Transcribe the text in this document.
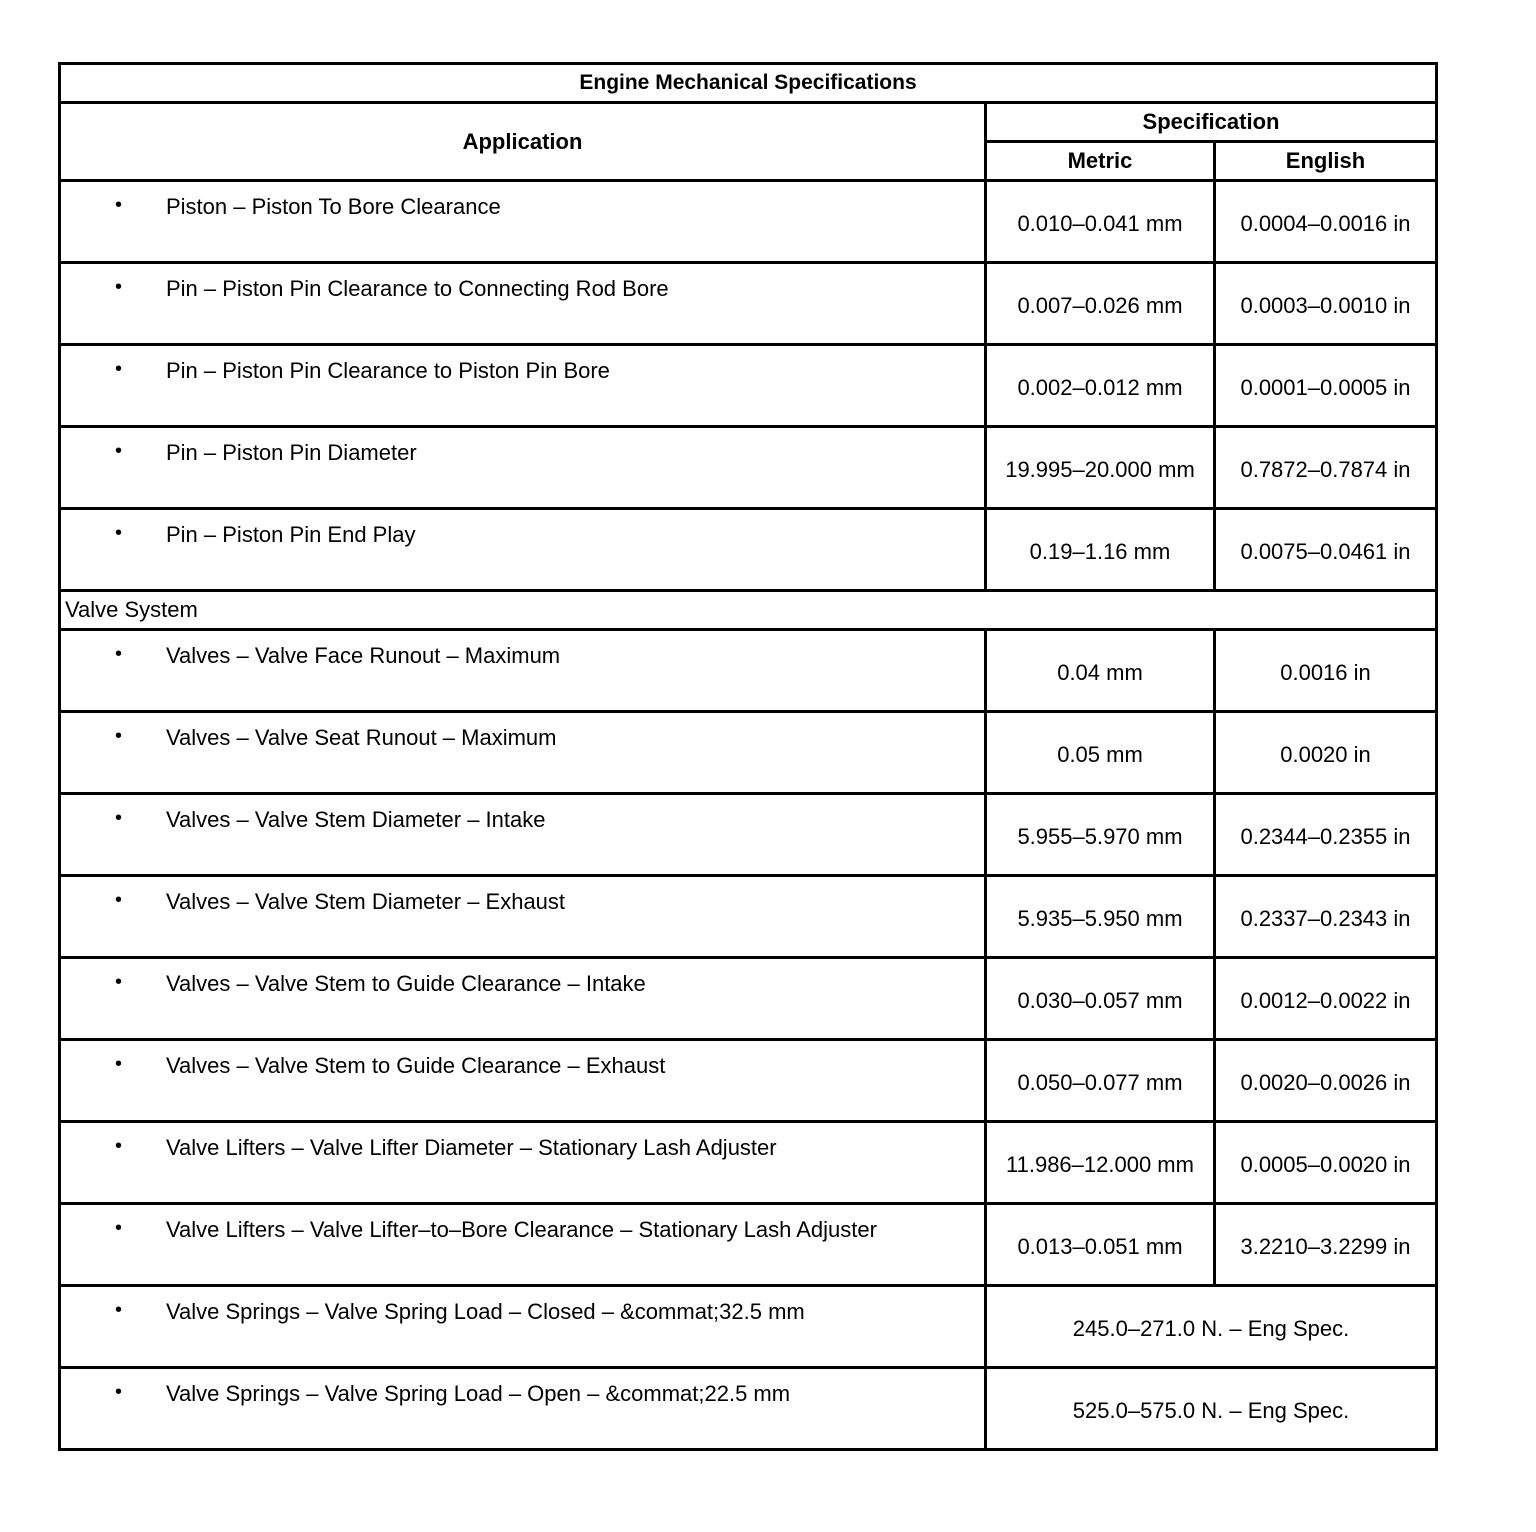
Engine Mechanical Specifications		
Application	Specification	
	Metric	English

• Piston – Piston To Bore Clearance	0.010–0.041 mm	0.0004–0.0016 in

• Pin – Piston Pin Clearance to Connecting Rod Bore	0.007–0.026 mm	0.0003–0.0010 in

• Pin – Piston Pin Clearance to Piston Pin Bore	0.002–0.012 mm	0.0001–0.0005 in

• Pin – Piston Pin Diameter	19.995–20.000 mm	0.7872–0.7874 in

• Pin – Piston Pin End Play	0.19–1.16 mm	0.0075–0.0461 in
Valve System		

• Valves – Valve Face Runout – Maximum	0.04 mm	0.0016 in

• Valves – Valve Seat Runout – Maximum	0.05 mm	0.0020 in

• Valves – Valve Stem Diameter – Intake	5.955–5.970 mm	0.2344–0.2355 in

• Valves – Valve Stem Diameter – Exhaust	5.935–5.950 mm	0.2337–0.2343 in

• Valves – Valve Stem to Guide Clearance – Intake	0.030–0.057 mm	0.0012–0.0022 in

• Valves – Valve Stem to Guide Clearance – Exhaust	0.050–0.077 mm	0.0020–0.0026 in

• Valve Lifters – Valve Lifter Diameter – Stationary Lash Adjuster	11.986–12.000 mm	0.0005–0.0020 in

• Valve Lifters – Valve Lifter–to–Bore Clearance – Stationary Lash Adjuster	0.013–0.051 mm	3.2210–3.2299 in

• Valve Springs – Valve Spring Load – Closed – &commat;32.5 mm	245.0–271.0 N. – Eng Spec.	

• Valve Springs – Valve Spring Load – Open – &commat;22.5 mm	525.0–575.0 N. – Eng Spec.	
